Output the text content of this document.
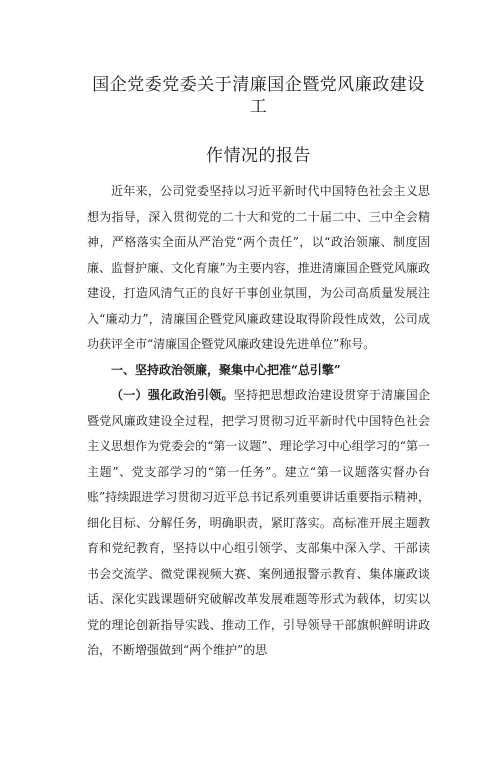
国企党委党委关于清廉国企暨党风廉政建设工
作情况的报告

近年来，公司党委坚持以习近平新时代中国特色社会主义思想为指导，深入贯彻党的二十大和党的二十届二中、三中全会精神，严格落实全面从严治党“两个责任”，以“政治领廉、制度固廉、监督护廉、文化育廉”为主要内容，推进清廉国企暨党风廉政建设，打造风清气正的良好干事创业氛围，为公司高质量发展注入“廉动力”，清廉国企暨党风廉政建设取得阶段性成效，公司成功获评全市“清廉国企暨党风廉政建设先进单位”称号。

一、坚持政治领廉，聚集中心把准“总引擎”

（一）强化政治引领。坚持把思想政治建设贯穿于清廉国企暨党风廉政建设全过程，把学习贯彻习近平新时代中国特色社会主义思想作为党委会的“第一议题”、理论学习中心组学习的“第一主题”、党支部学习的“第一任务”。建立“第一议题落实督办台账”持续跟进学习贯彻习近平总书记系列重要讲话重要指示精神，细化目标、分解任务，明确职责，紧盯落实。高标准开展主题教育和党纪教育，坚持以中心组引领学、支部集中深入学、干部读书会交流学、微党课视频大赛、案例通报警示教育、集体廉政谈话、深化实践课题研究破解改革发展难题等形式为载体，切实以党的理论创新指导实践、推动工作，引导领导干部旗帜鲜明讲政治，不断增强做到“两个维护”的思
